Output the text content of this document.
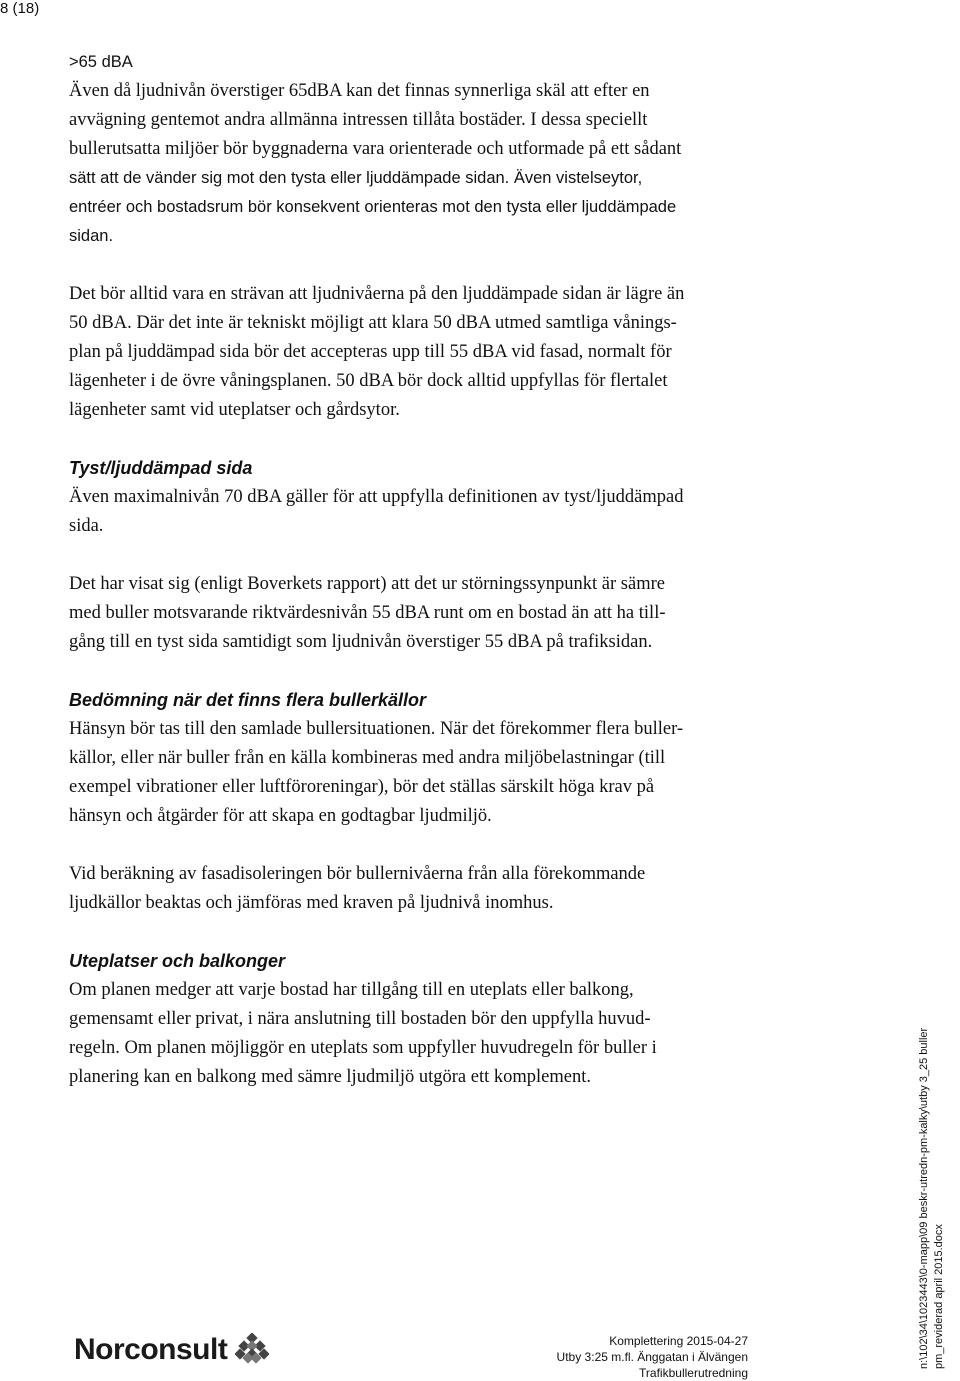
8 (18)

>65 dBA
Även då ljudnivån överstiger 65dBA kan det finnas synnerliga skäl att efter en
avvägning gentemot andra allmänna intressen tillåta bostäder. I dessa speciellt
bullerutsatta miljöer bör byggnaderna vara orienterade och utformade på ett sådant
sätt att de vänder sig mot den tysta eller ljuddämpade sidan. Även vistelseytor,
entréer och bostadsrum bör konsekvent orienteras mot den tysta eller ljuddämpade
sidan.

Det bör alltid vara en strävan att ljudnivåerna på den ljuddämpade sidan är lägre än
50 dBA. Där det inte är tekniskt möjligt att klara 50 dBA utmed samtliga vånings-
plan på ljuddämpad sida bör det accepteras upp till 55 dBA vid fasad, normalt för
lägenheter i de övre våningsplanen. 50 dBA bör dock alltid uppfyllas för flertalet
lägenheter samt vid uteplatser och gårdsytor.

Tyst/ljuddämpad sida

Även maximalnivån 70 dBA gäller för att uppfylla definitionen av tyst/ljuddämpad
sida.

Det har visat sig (enligt Boverkets rapport) att det ur störningssynpunkt är sämre
med buller motsvarande riktvärdesnivån 55 dBA runt om en bostad än att ha till-
gång till en tyst sida samtidigt som ljudnivån överstiger 55 dBA på trafiksidan.

Bedömning när det finns flera bullerkällor

Hänsyn bör tas till den samlade bullersituationen. När det förekommer flera buller-
källor, eller när buller från en källa kombineras med andra miljöbelastningar (till
exempel vibrationer eller luftföroreningar), bör det ställas särskilt höga krav på
hänsyn och åtgärder för att skapa en godtagbar ljudmiljö.

Vid beräkning av fasadisoleringen bör bullernivåerna från alla förekommande
ljudkällor beaktas och jämföras med kraven på ljudnivå inomhus.

Uteplatser och balkonger

Om planen medger att varje bostad har tillgång till en uteplats eller balkong,
gemensamt eller privat, i nära anslutning till bostaden bör den uppfylla huvud-
regeln. Om planen möjliggör en uteplats som uppfyller huvudregeln för buller i
planering kan en balkong med sämre ljudmiljö utgöra ett komplement.

Norconsult	Komplettering 2015-04-27
Utby 3:25 m.fl. Änggatan i Älvängen
Trafikbullerutredning
n:\102\34\1023443\0-mapp\09 beskr-utredn-pm-kalky\utby 3_25 buller pm_reviderad april 2015.docx
